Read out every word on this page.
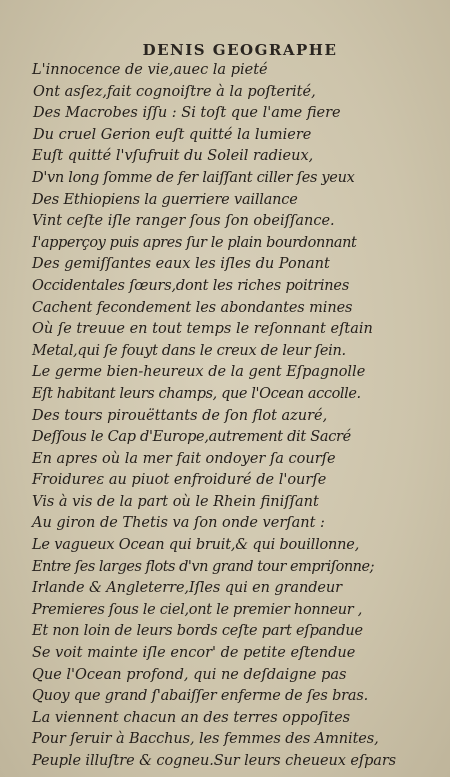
DENIS GEOGRAPHE
L'innocence de vie,auec la pieté
Ont asſez,fait cognoiſtre à la poſterité,
Des Macrobes iſſu : Si toſt que l'ame fiere
Du cruel Gerion euſt quitté la lumiere
Euſt quitté l'vſufruit du Soleil radieux,
D'vn long ſomme de fer laiſſant ciller ſes yeux
Des Ethiopiens la guerriere vaillance
Vint ceſte iſle ranger ſous ſon obeiſſance.
I'apperçoy puis apres ſur le plain bourdonnant
Des gemiſſantes eaux les iſles du Ponant
Occidentales ſœurs,dont les riches poitrines
Cachent fecondement les abondantes mines
Où ſe treuue en tout temps le reſonnant eſtain
Metal,qui ſe fouyt dans le creux de leur ſein.
Le germe bien-heureux de la gent Eſpagnolle
Eſt habitant leurs champs, que l'Ocean accolle.
Des tours pirouëttants de ſon flot azuré,
Deſſous le Cap d'Europe,autrement dit Sacré
En apres où la mer fait ondoyer ſa courſe
Froidureɛ au piuot enfroiduré de l'ourſe
Vis à vis de la part où le Rhein finiſſant
Au giron de Thetis va ſon onde verſant :
Le vagueux Ocean qui bruit,& qui bouillonne,
Entre ſes larges flots d'vn grand tour empriſonne;
Irlande & Angleterre,Iſles qui en grandeur
Premieres ſous le ciel,ont le premier honneur ,
Et non loin de leurs bords ceſte part eſpandue
Se voit mainte iſle encor' de petite eſtendue
Que l'Ocean profond, qui ne deſdaigne pas
Quoy que grand ſ'abaiſſer enferme de ſes bras.
La viennent chacun an des terres oppoſites
Pour ſeruir à Bacchus, les femmes des Amnites,
Peuple illuſtre & cogneu.Sur leurs cheueux eſpars
